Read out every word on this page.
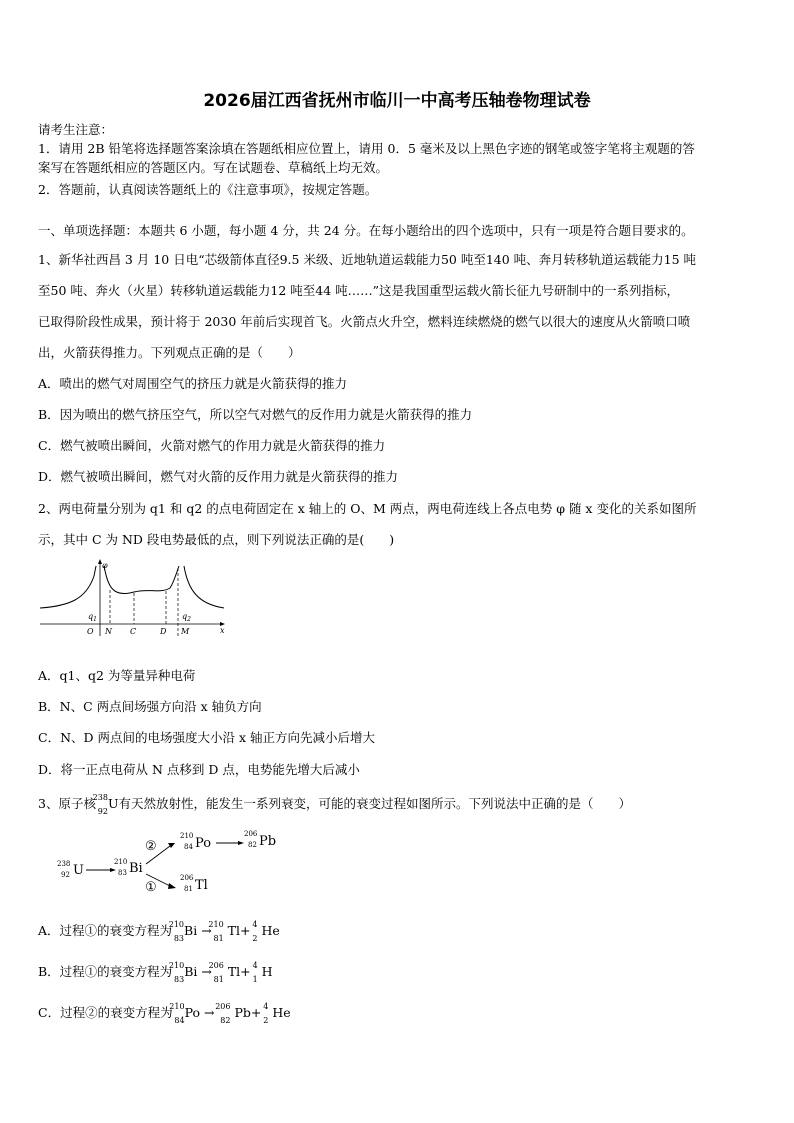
2026届江西省抚州市临川一中高考压轴卷物理试卷
请考生注意：
1．请用 2B 铅笔将选择题答案涂填在答题纸相应位置上，请用 0．5 毫米及以上黑色字迹的钢笔或签字笔将主观题的答
案写在答题纸相应的答题区内。写在试题卷、草稿纸上均无效。
2．答题前，认真阅读答题纸上的《注意事项》，按规定答题。
一、单项选择题：本题共 6 小题，每小题 4 分，共 24 分。在每小题给出的四个选项中，只有一项是符合题目要求的。
1、新华社西昌 3 月 10 日电“芯级箭体直径9.5 米级、近地轨道运载能力50 吨至140 吨、奔月转移轨道运载能力15 吨
至50 吨、奔火（火星）转移轨道运载能力12 吨至44 吨……”这是我国重型运载火箭长征九号研制中的一系列指标，
已取得阶段性成果，预计将于 2030 年前后实现首飞。火箭点火升空，燃料连续燃烧的燃气以很大的速度从火箭喷口喷
出，火箭获得推力。下列观点正确的是（　　）
A．喷出的燃气对周围空气的挤压力就是火箭获得的推力
B．因为喷出的燃气挤压空气，所以空气对燃气的反作用力就是火箭获得的推力
C．燃气被喷出瞬间，火箭对燃气的作用力就是火箭获得的推力
D．燃气被喷出瞬间，燃气对火箭的反作用力就是火箭获得的推力
2、两电荷量分别为 q1 和 q2 的点电荷固定在 x 轴上的 O、M 两点，两电荷连线上各点电势 φ 随 x 变化的关系如图所
示，其中 C 为 ND 段电势最低的点，则下列说法正确的是(　　)
φ
x
O N C	D M
$q_1$	$q_2$
A．q1、q2 为等量异种电荷
B．N、C 两点间场强方向沿 x 轴负方向
C．N、D 两点间的电场强度大小沿 x 轴正方向先减小后增大
D．将一正点电荷从 N 点移到 D 点，电势能先增大后减小
3、原子核
238
92
U有天然放射性，能发生一系列衰变，可能的衰变过程如图所示。下列说法中正确的是（　　）
238
92 U
210
83 Bi
②
①
210
84 Po
206
82 Pb
206
81 Tl
A．过程①的衰变方程为
210
83
Bi →
210
81
Tl+ 4
2
He
B．过程①的衰变方程为
210
83
Bi →
206
81
Tl+ 4
1
H
C．过程②的衰变方程为
210
84
Po → 206
82
Pb+ 4
2
He
